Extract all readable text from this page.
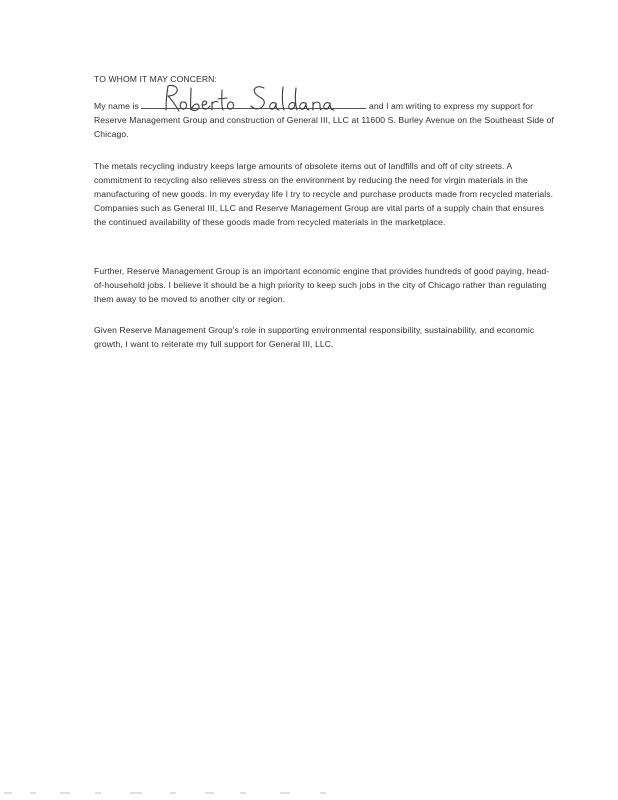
TO WHOM IT MAY CONCERN:
My name is	and I am writing to express my support for Reserve Management Group and construction of General III, LLC at 11600 S. Burley Avenue on the Southeast Side of Chicago.

The metals recycling industry keeps large amounts of obsolete items out of landfills and off of city streets. A commitment to recycling also relieves stress on the environment by reducing the need for virgin materials in the manufacturing of new goods. In my everyday life I try to recycle and purchase products made from recycled materials. Companies such as General III, LLC and Reserve Management Group are vital parts of a supply chain that ensures the continued availability of these goods made from recycled materials in the marketplace.

Further, Reserve Management Group is an important economic engine that provides hundreds of good paying, head-of-household jobs. I believe it should be a high priority to keep such jobs in the city of Chicago rather than regulating them away to be moved to another city or region.

Given Reserve Management Group's role in supporting environmental responsibility, sustainability, and economic growth, I want to reiterate my full support for General III, LLC.
